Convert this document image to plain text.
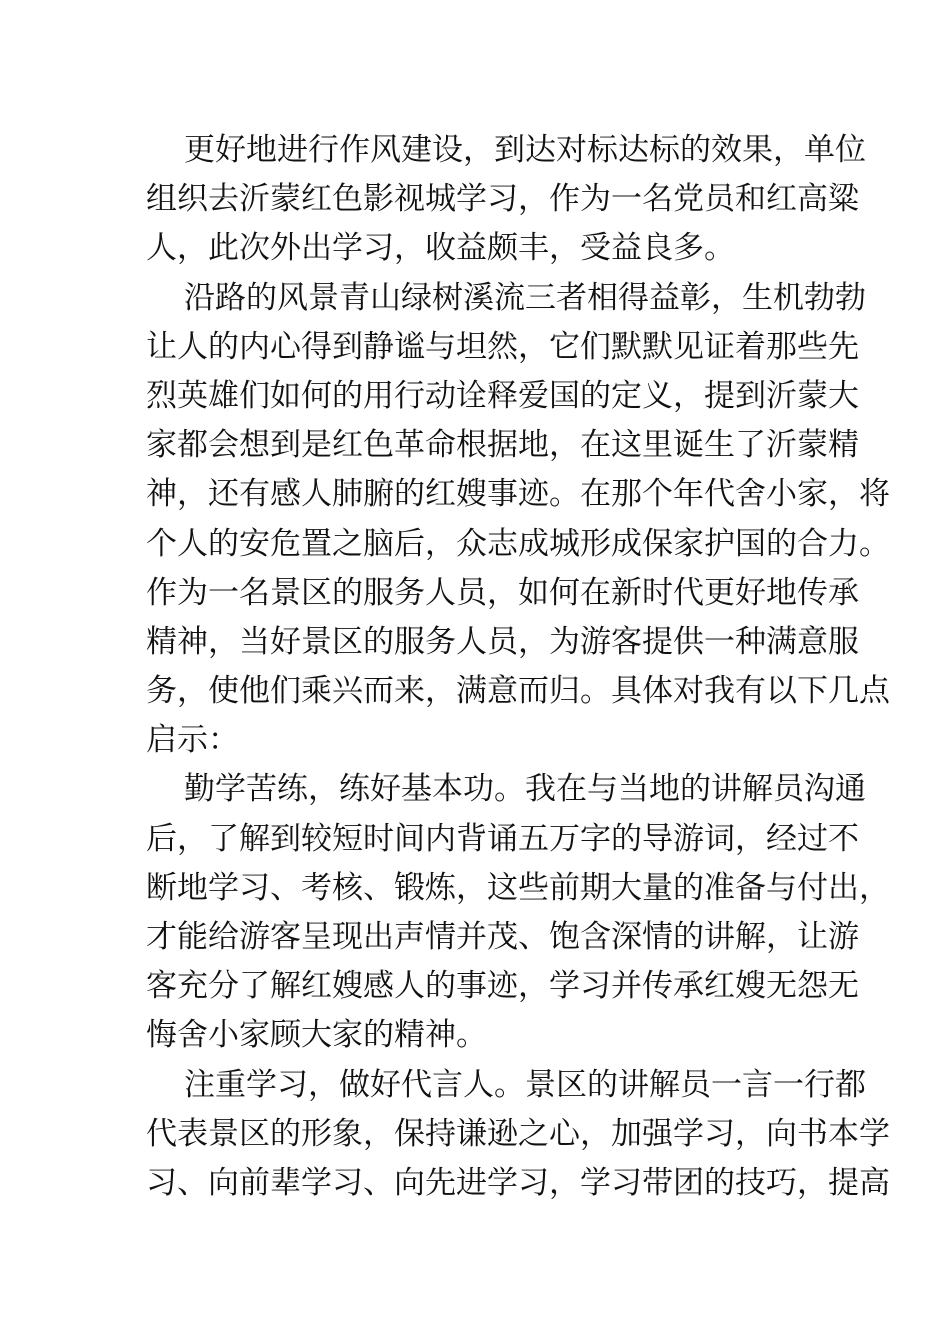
更好地进行作风建设，到达对标达标的效果，单位
组织去沂蒙红色影视城学习，作为一名党员和红高粱
人，此次外出学习，收益颇丰，受益良多。
沿路的风景青山绿树溪流三者相得益彰，生机勃勃
让人的内心得到静谧与坦然，它们默默见证着那些先
烈英雄们如何的用行动诠释爱国的定义，提到沂蒙大
家都会想到是红色革命根据地，在这里诞生了沂蒙精
神，还有感人肺腑的红嫂事迹。在那个年代舍小家，将
个人的安危置之脑后，众志成城形成保家护国的合力。
作为一名景区的服务人员，如何在新时代更好地传承
精神，当好景区的服务人员，为游客提供一种满意服
务，使他们乘兴而来，满意而归。具体对我有以下几点
启示：
勤学苦练，练好基本功。我在与当地的讲解员沟通
后，了解到较短时间内背诵五万字的导游词，经过不
断地学习、考核、锻炼，这些前期大量的准备与付出，
才能给游客呈现出声情并茂、饱含深情的讲解，让游
客充分了解红嫂感人的事迹，学习并传承红嫂无怨无
悔舍小家顾大家的精神。
注重学习，做好代言人。景区的讲解员一言一行都
代表景区的形象，保持谦逊之心，加强学习，向书本学
习、向前辈学习、向先进学习，学习带团的技巧，提高
